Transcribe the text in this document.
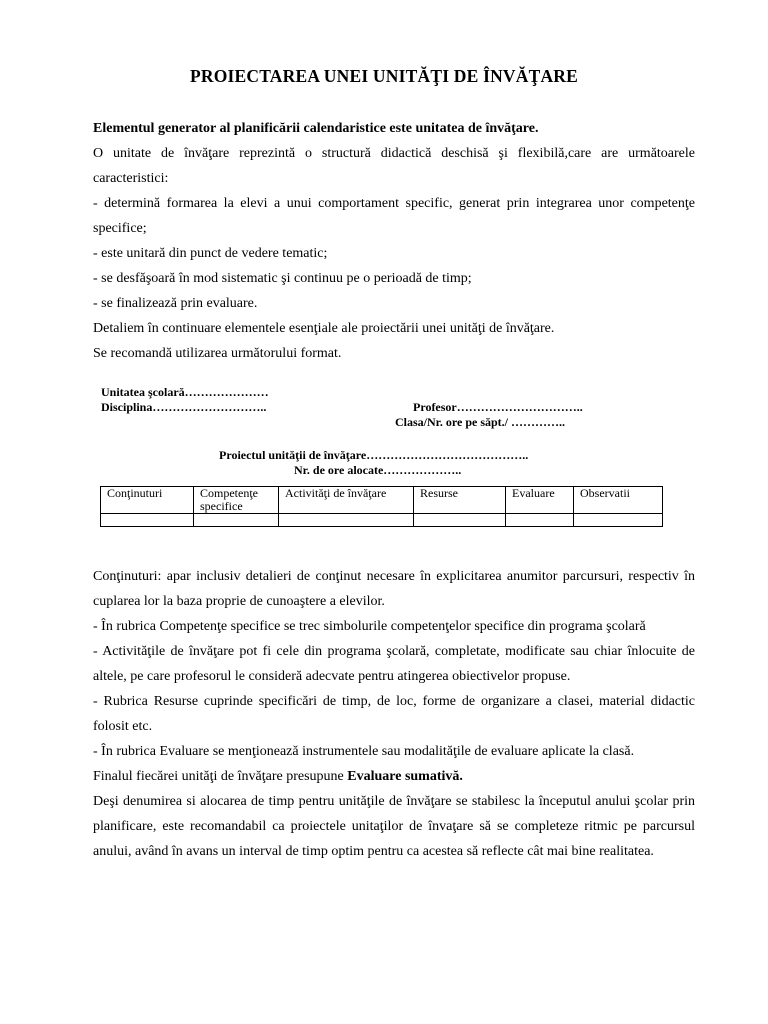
PROIECTAREA UNEI UNITĂŢI DE ÎNVĂŢARE

Elementul generator al planificării calendaristice este unitatea de învăţare.

O unitate de învăţare reprezintă o structură didactică deschisă şi flexibilă,care are următoarele caracteristici:

- determină formarea la elevi a unui comportament specific, generat prin integrarea unor competenţe specifice;

- este unitară din punct de vedere tematic;

- se desfăşoară în mod sistematic şi continuu pe o perioadă de timp;

- se finalizează prin evaluare.

Detaliem în continuare elementele esenţiale ale proiectării unei unităţi de învăţare.

Se recomandă utilizarea următorului format.

Unitatea şcolară…………………
Disciplina………………………..	Profesor…………………………..
Clasa/Nr. ore pe săpt./ …………..
Proiectul unităţii de învăţare…………………………………..
Nr. de ore alocate………………..
Conţinuturi	Competenţe specifice	Activităţi de învăţare	Resurse	Evaluare	Observatii

Conţinuturi: apar inclusiv detalieri de conţinut necesare în explicitarea anumitor parcursuri, respectiv în cuplarea lor la baza proprie de cunoaştere a elevilor.

- În rubrica Competenţe specifice se trec simbolurile competenţelor specifice din programa şcolară

- Activităţile de învăţare pot fi cele din programa şcolară, completate, modificate sau chiar înlocuite de altele, pe care profesorul le consideră adecvate pentru atingerea obiectivelor propuse.

- Rubrica Resurse cuprinde specificări de timp, de loc, forme de organizare a clasei, material didactic folosit etc.

- În rubrica Evaluare se menţionează instrumentele sau modalităţile de evaluare aplicate la clasă.

Finalul fiecărei unităţi de învăţare presupune Evaluare sumativă.

Deşi denumirea si alocarea de timp pentru unităţile de învăţare se stabilesc la începutul anului şcolar prin planificare, este recomandabil ca proiectele unitaţilor de învaţare să se completeze ritmic pe parcursul anului, având în avans un interval de timp optim pentru ca acestea să reflecte cât mai bine realitatea.
